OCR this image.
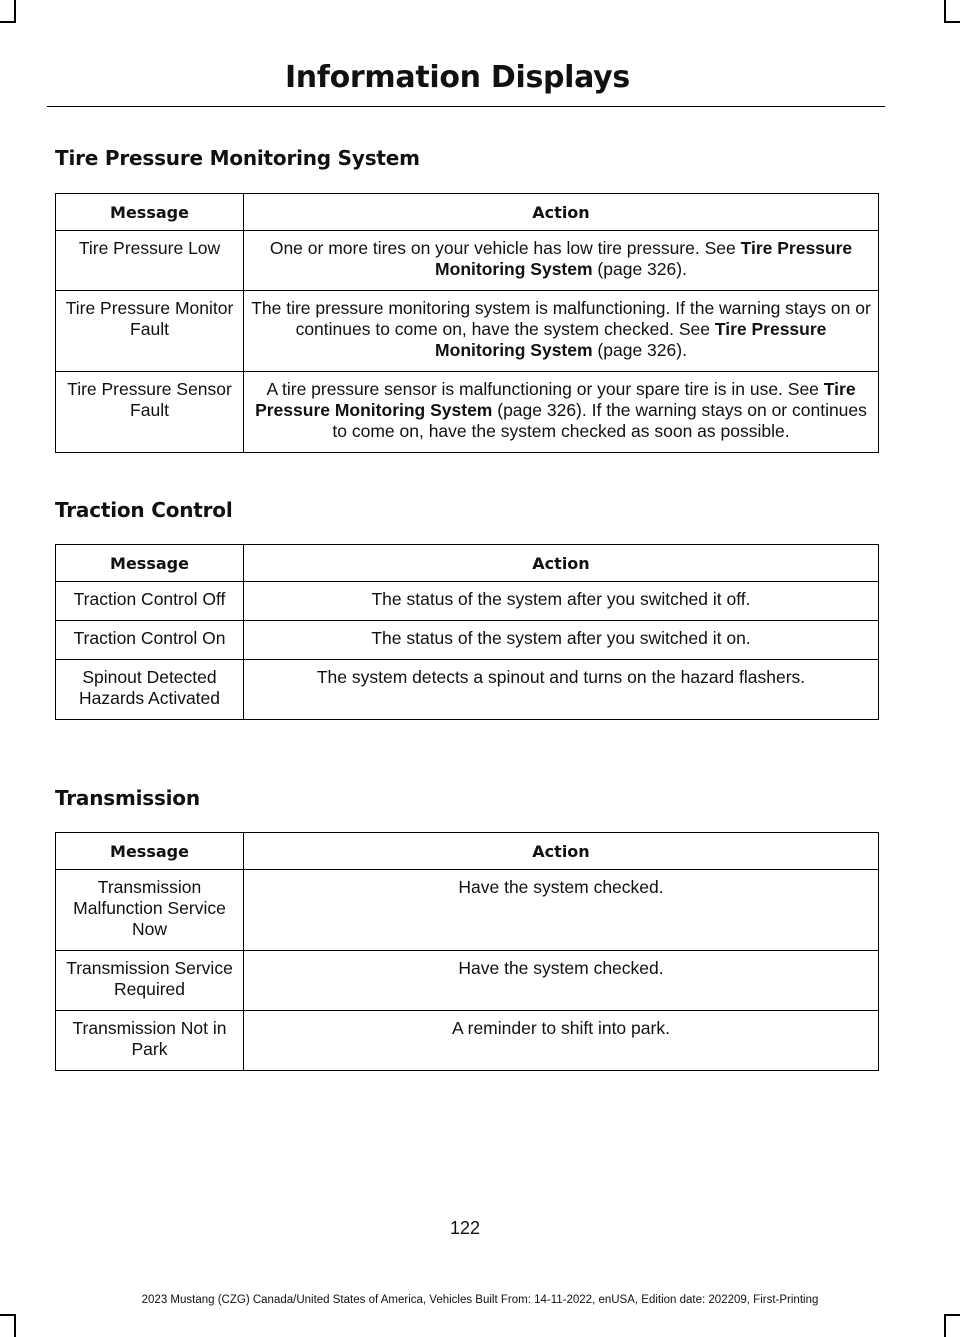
Information Displays
Tire Pressure Monitoring System
Message	Action
Tire Pressure Low	One or more tires on your vehicle has low tire pressure. See Tire Pressure Monitoring System (page 326).
Tire Pressure Monitor Fault	The tire pressure monitoring system is malfunctioning. If the warning stays on or continues to come on, have the system checked. See Tire Pressure Monitoring System (page 326).
Tire Pressure Sensor Fault	A tire pressure sensor is malfunctioning or your spare tire is in use. See Tire Pressure Monitoring System (page 326). If the warning stays on or continues to come on, have the system checked as soon as possible.
Traction Control
Message	Action
Traction Control Off	The status of the system after you switched it off.
Traction Control On	The status of the system after you switched it on.
Spinout Detected Hazards Activated	The system detects a spinout and turns on the hazard flashers.
Transmission
Message	Action
Transmission Malfunction Service Now	Have the system checked.
Transmission Service Required	Have the system checked.
Transmission Not in Park	A reminder to shift into park.
122
2023 Mustang (CZG) Canada/United States of America, Vehicles Built From: 14-11-2022, enUSA, Edition date: 202209, First-Printing
